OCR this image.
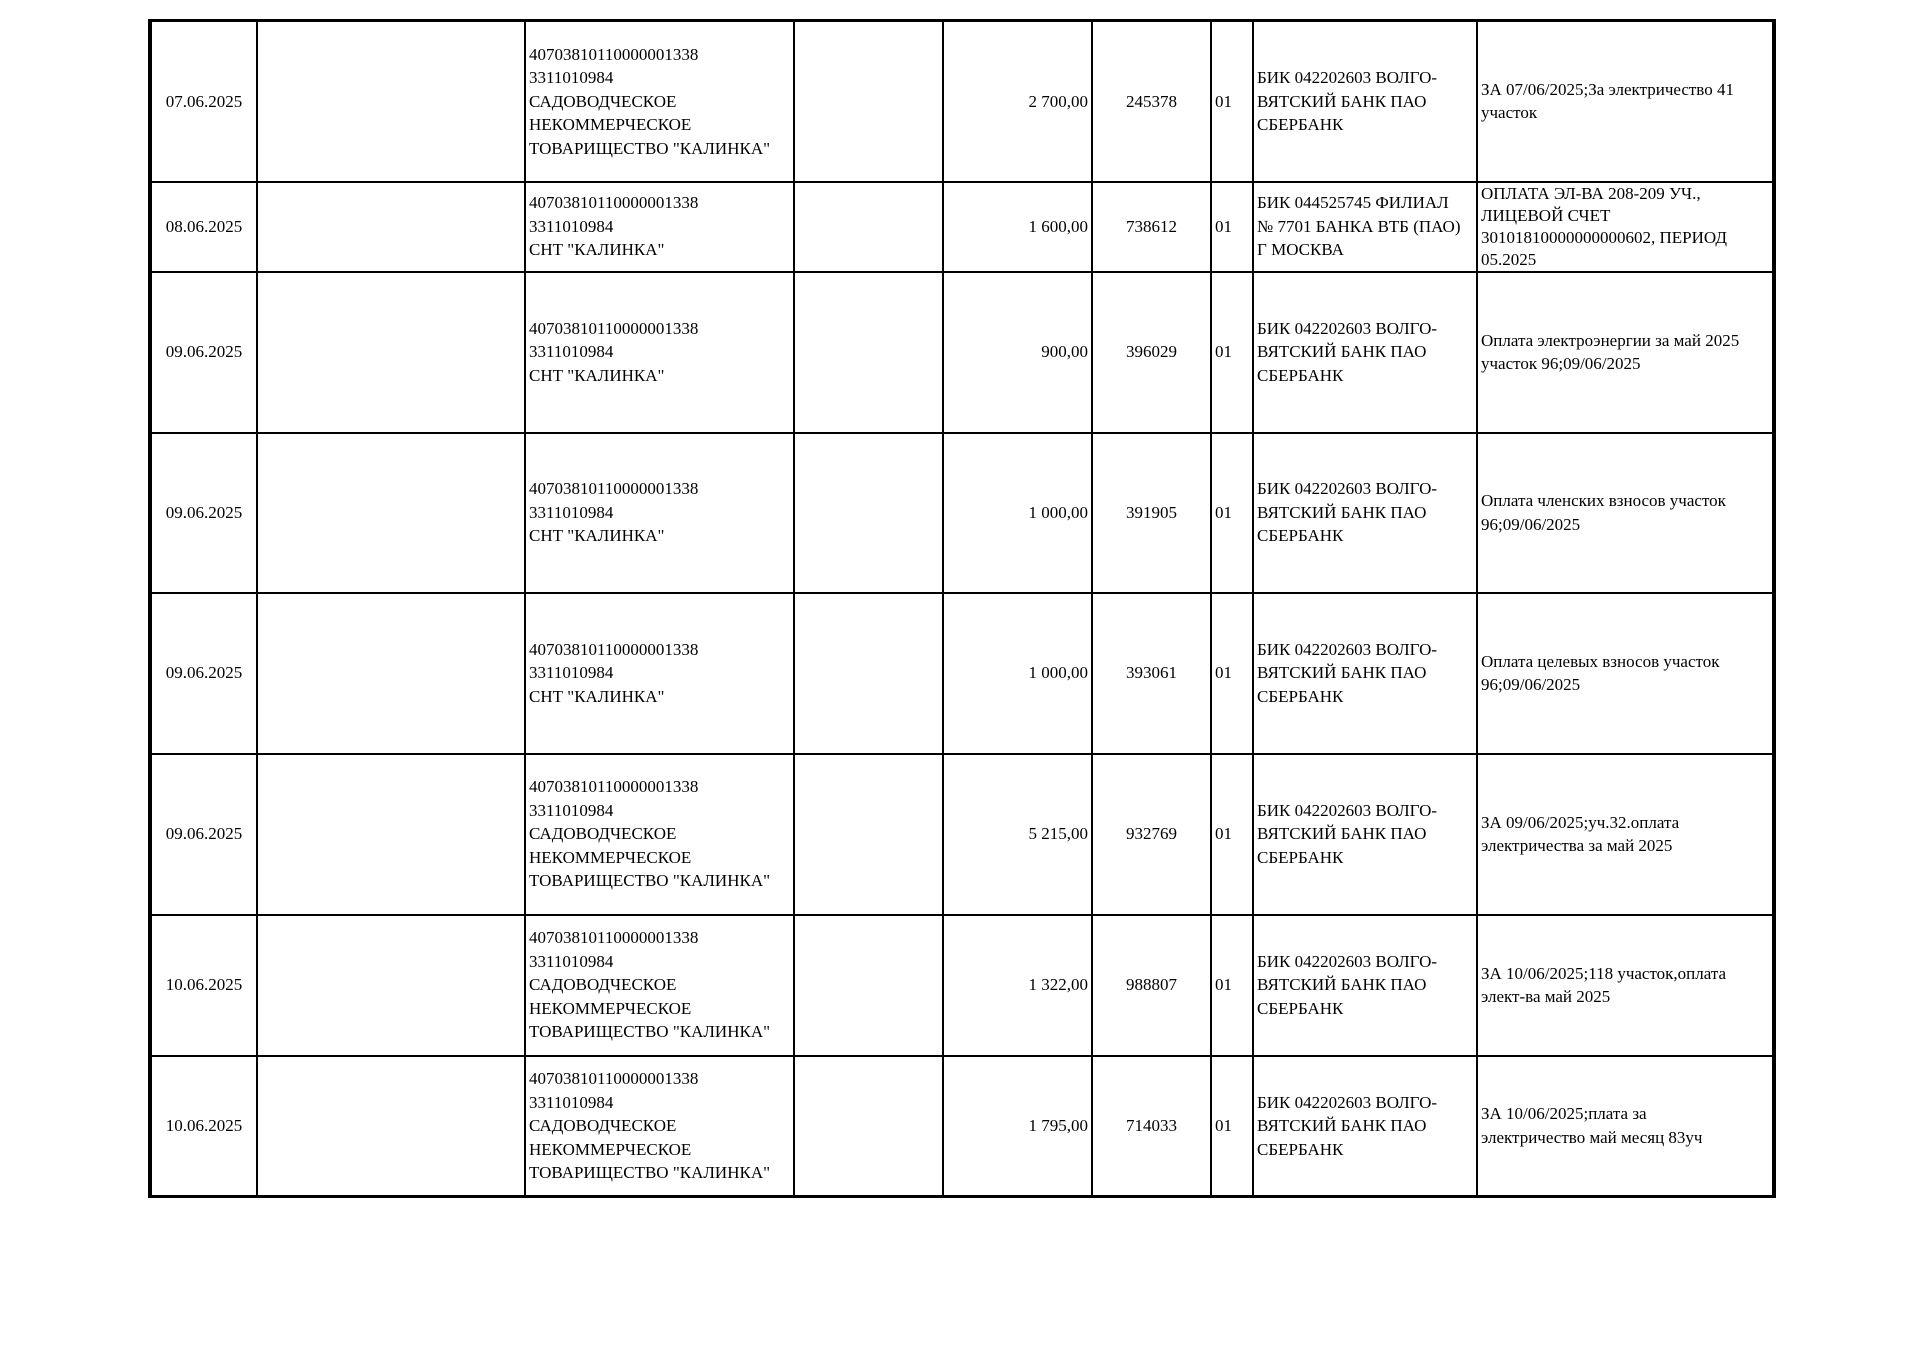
07.06.2025		40703810110000001338
3311010984
САДОВОДЧЕСКОЕ
НЕКОММЕРЧЕСКОЕ
ТОВАРИЩЕСТВО "КАЛИНКА"		2 700,00	245378	01	БИК 042202603 ВОЛГО-
ВЯТСКИЙ БАНК ПАО
СБЕРБАНК	ЗА 07/06/2025;За электричество 41
участок

08.06.2025		40703810110000001338
3311010984
СНТ "КАЛИНКА"		1 600,00	738612	01	БИК 044525745 ФИЛИАЛ
№ 7701 БАНКА ВТБ (ПАО)
Г МОСКВА	ОПЛАТА ЭЛ-ВА 208-209 УЧ.,
ЛИЦЕВОЙ СЧЕТ
30101810000000000602, ПЕРИОД
05.2025

09.06.2025		40703810110000001338
3311010984
СНТ "КАЛИНКА"		900,00	396029	01	БИК 042202603 ВОЛГО-
ВЯТСКИЙ БАНК ПАО
СБЕРБАНК	Оплата электроэнергии за май 2025
участок 96;09/06/2025

09.06.2025		40703810110000001338
3311010984
СНТ "КАЛИНКА"		1 000,00	391905	01	БИК 042202603 ВОЛГО-
ВЯТСКИЙ БАНК ПАО
СБЕРБАНК	Оплата членских взносов участок
96;09/06/2025

09.06.2025		40703810110000001338
3311010984
СНТ "КАЛИНКА"		1 000,00	393061	01	БИК 042202603 ВОЛГО-
ВЯТСКИЙ БАНК ПАО
СБЕРБАНК	Оплата целевых взносов участок
96;09/06/2025

09.06.2025		40703810110000001338
3311010984
САДОВОДЧЕСКОЕ
НЕКОММЕРЧЕСКОЕ
ТОВАРИЩЕСТВО "КАЛИНКА"		5 215,00	932769	01	БИК 042202603 ВОЛГО-
ВЯТСКИЙ БАНК ПАО
СБЕРБАНК	ЗА 09/06/2025;уч.32.оплата
электричества за май 2025

10.06.2025		40703810110000001338
3311010984
САДОВОДЧЕСКОЕ
НЕКОММЕРЧЕСКОЕ
ТОВАРИЩЕСТВО "КАЛИНКА"		1 322,00	988807	01	БИК 042202603 ВОЛГО-
ВЯТСКИЙ БАНК ПАО
СБЕРБАНК	ЗА 10/06/2025;118 участок,оплата
элект-ва май 2025

10.06.2025		40703810110000001338
3311010984
САДОВОДЧЕСКОЕ
НЕКОММЕРЧЕСКОЕ
ТОВАРИЩЕСТВО "КАЛИНКА"		1 795,00	714033	01	БИК 042202603 ВОЛГО-
ВЯТСКИЙ БАНК ПАО
СБЕРБАНК	ЗА 10/06/2025;плата за
электричество май месяц 83уч
